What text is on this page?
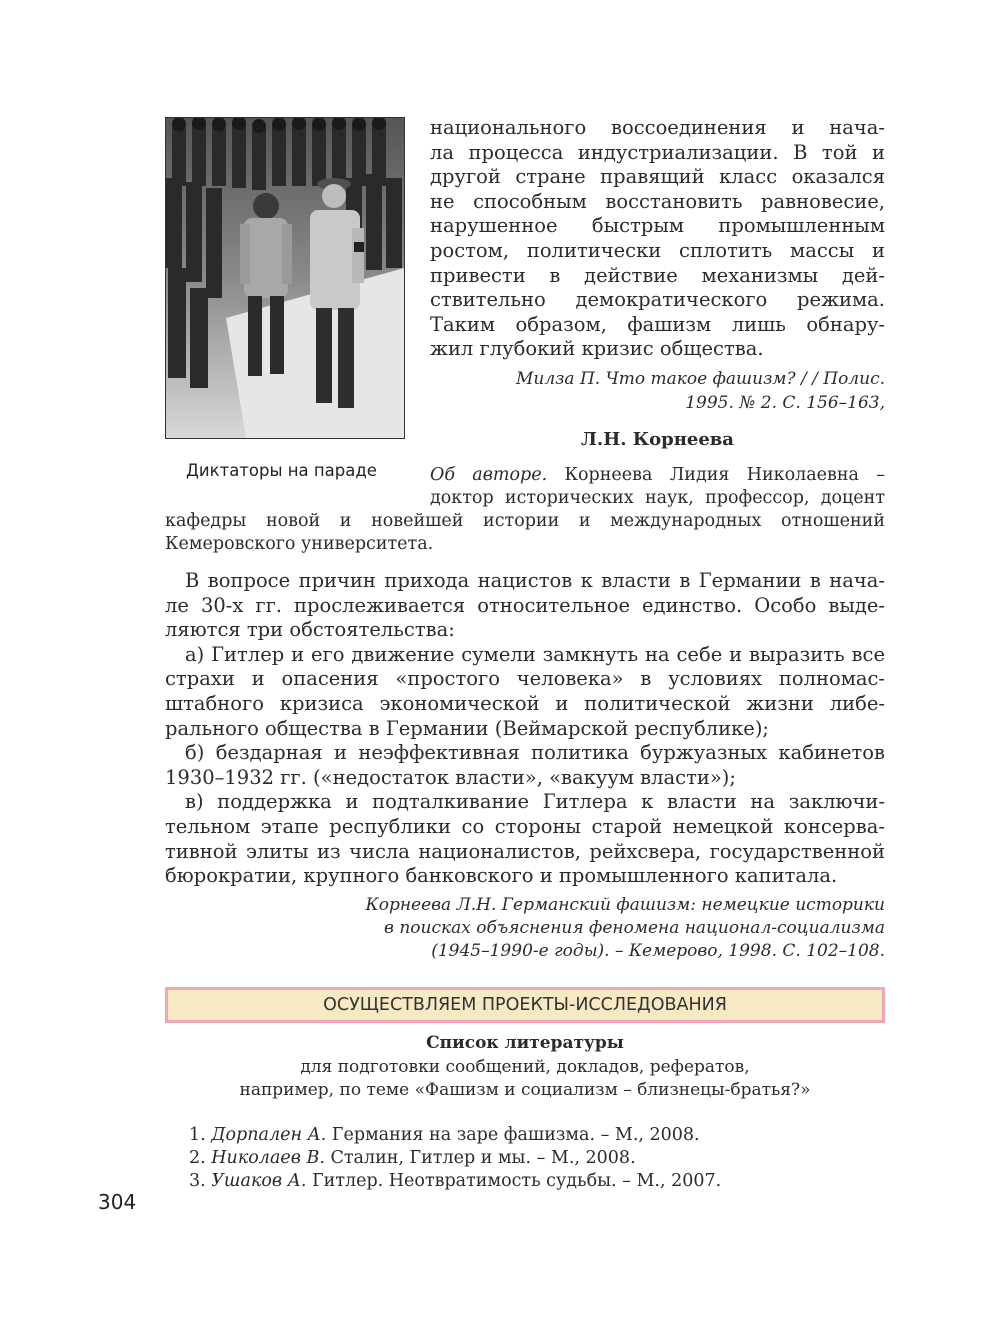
Диктаторы на параде
национального воссоединения и нача-
ла процесса индустриализации. В той и
другой стране правящий класс оказался
не способным восстановить равновесие,
нарушенное быстрым промышленным
ростом, политически сплотить массы и
привести в действие механизмы дей-
ствительно демократического режима.
Таким образом, фашизм лишь обнару-
жил глубокий кризис общества.
Милза П. Что такое фашизм? / / Полис.
1995. № 2. С. 156–163,
Л.Н. Корнеева
Об авторе. Корнеева Лидия Николаевна –
доктор исторических наук, профессор, доцент
кафедры новой и новейшей истории и международных отношений
Кемеровского университета.

В вопросе причин прихода нацистов к власти в Германии в нача- ле 30-х гг. прослеживается относительное единство. Особо выде- ляются три обстоятельства:

а) Гитлер и его движение сумели замкнуть на себе и выразить все страхи и опасения «простого человека» в условиях полномас- штабного кризиса экономической и политической жизни либе- рального общества в Германии (Веймарской республике);

б) бездарная и неэффективная политика буржуазных кабинетов 1930–1932 гг. («недостаток власти», «вакуум власти»);

в) поддержка и подталкивание Гитлера к власти на заключи- тельном этапе республики со стороны старой немецкой консерва- тивной элиты из числа националистов, рейхсвера, государственной бюрократии, крупного банковского и промышленного капитала.

Корнеева Л.Н. Германский фашизм: немецкие историки
в поисках объяснения феномена национал-социализма
(1945–1990-е годы). – Кемерово, 1998. С. 102–108.
ОСУЩЕСТВЛЯЕМ ПРОЕКТЫ-ИССЛЕДОВАНИЯ
Список литературы
для подготовки сообщений, докладов, рефератов,
например, по теме «Фашизм и социализм – близнецы-братья?»
1. Дорпален А. Германия на заре фашизма. – М., 2008.
2. Николаев В. Сталин, Гитлер и мы. – М., 2008.
3. Ушаков А. Гитлер. Неотвратимость судьбы. – М., 2007.
304
